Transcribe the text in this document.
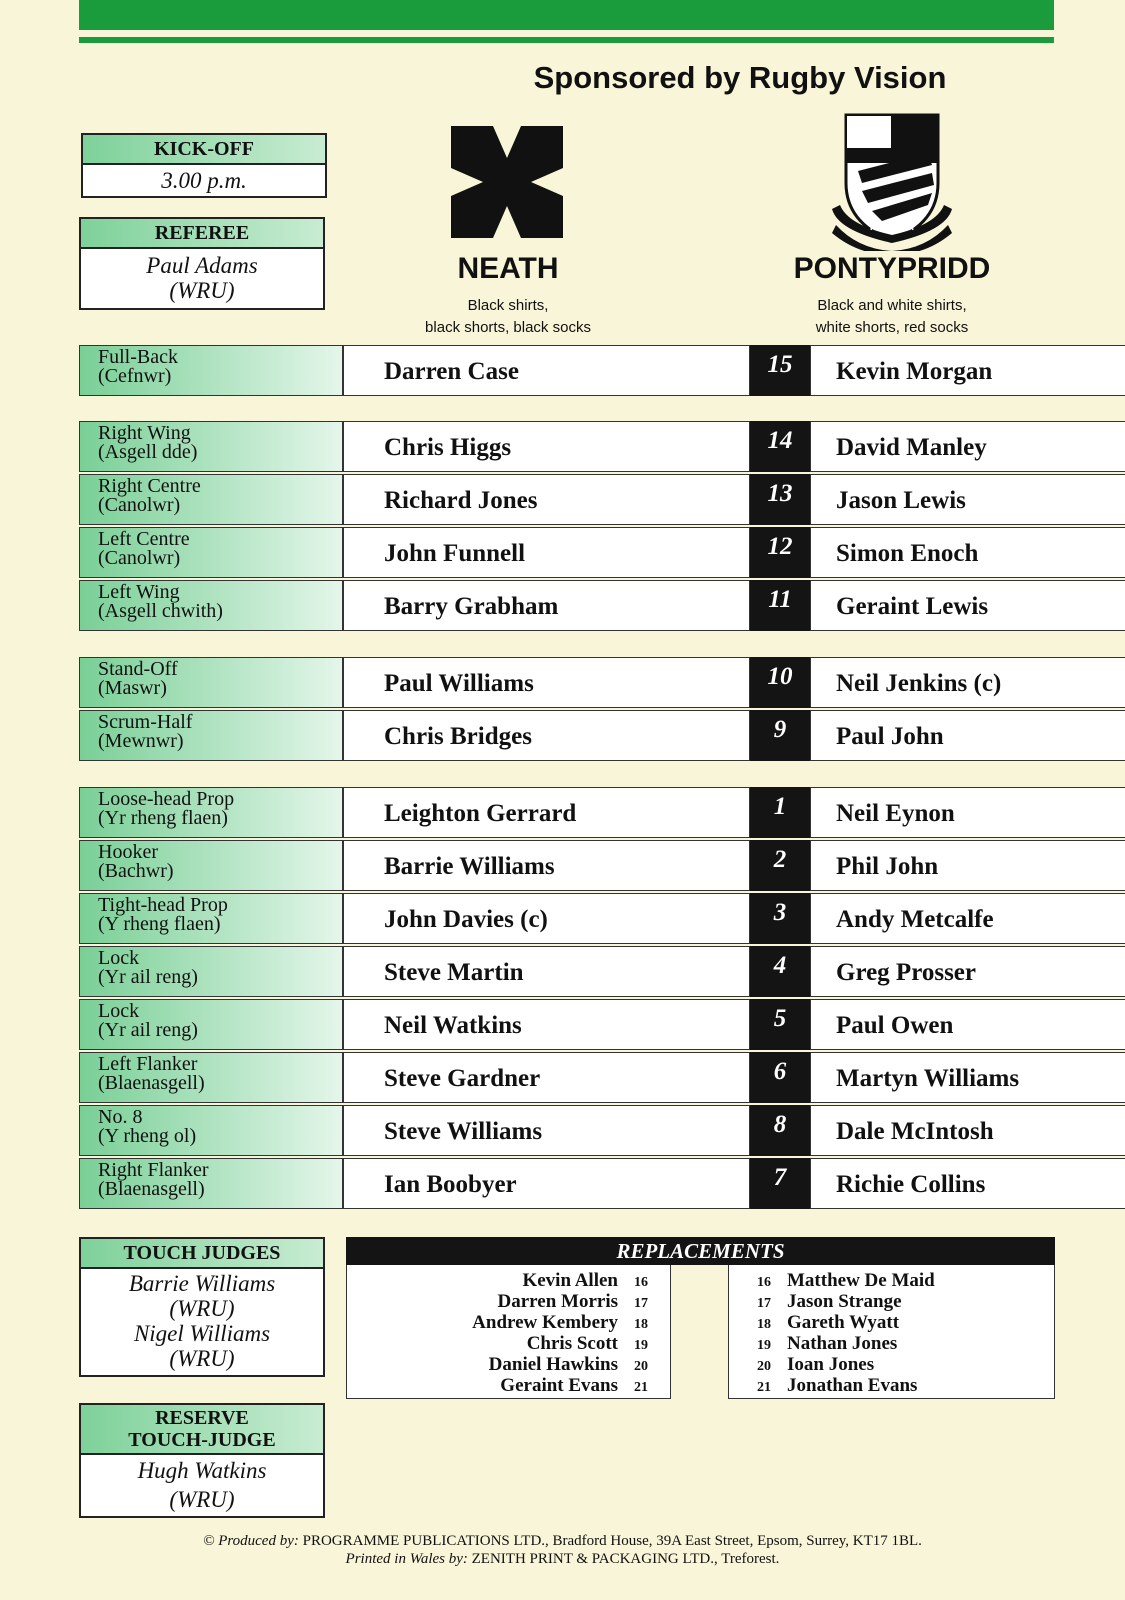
Sponsored by Rugby Vision
KICK-OFF
3.00 p.m.
REFEREE
Paul Adams
(WRU)
P. R. F. C.
NEATH
Black shirts,
black shorts, black socks
PONTYPRIDD
Black and white shirts,
white shorts, red socks
Full-Back
(Cefnwr)	Darren Case	15	Kevin Morgan
Right Wing
(Asgell dde)	Chris Higgs	14	David Manley
Right Centre
(Canolwr)	Richard Jones	13	Jason Lewis
Left Centre
(Canolwr)	John Funnell	12	Simon Enoch
Left Wing
(Asgell chwith)	Barry Grabham	11	Geraint Lewis
Stand-Off
(Maswr)	Paul Williams	10	Neil Jenkins (c)
Scrum-Half
(Mewnwr)	Chris Bridges	9	Paul John
Loose-head Prop
(Yr rheng flaen)	Leighton Gerrard	1	Neil Eynon
Hooker
(Bachwr)	Barrie Williams	2	Phil John
Tight-head Prop
(Y rheng flaen)	John Davies (c)	3	Andy Metcalfe
Lock
(Yr ail reng)	Steve Martin	4	Greg Prosser
Lock
(Yr ail reng)	Neil Watkins	5	Paul Owen
Left Flanker
(Blaenasgell)	Steve Gardner	6	Martyn Williams
No. 8
(Y rheng ol)	Steve Williams	8	Dale McIntosh
Right Flanker
(Blaenasgell)	Ian Boobyer	7	Richie Collins
TOUCH JUDGES
Barrie Williams
(WRU)
Nigel Williams
(WRU)
REPLACEMENTS
Kevin Allen 16
Darren Morris 17
Andrew Kembery 18
Chris Scott 19
Daniel Hawkins 20
Geraint Evans 21
16 Matthew De Maid
17 Jason Strange
18 Gareth Wyatt
19 Nathan Jones
20 Ioan Jones
21 Jonathan Evans
RESERVE
TOUCH-JUDGE
Hugh Watkins
(WRU)
© Produced by: PROGRAMME PUBLICATIONS LTD., Bradford House, 39A East Street, Epsom, Surrey, KT17 1BL.
Printed in Wales by: ZENITH PRINT & PACKAGING LTD., Treforest.
